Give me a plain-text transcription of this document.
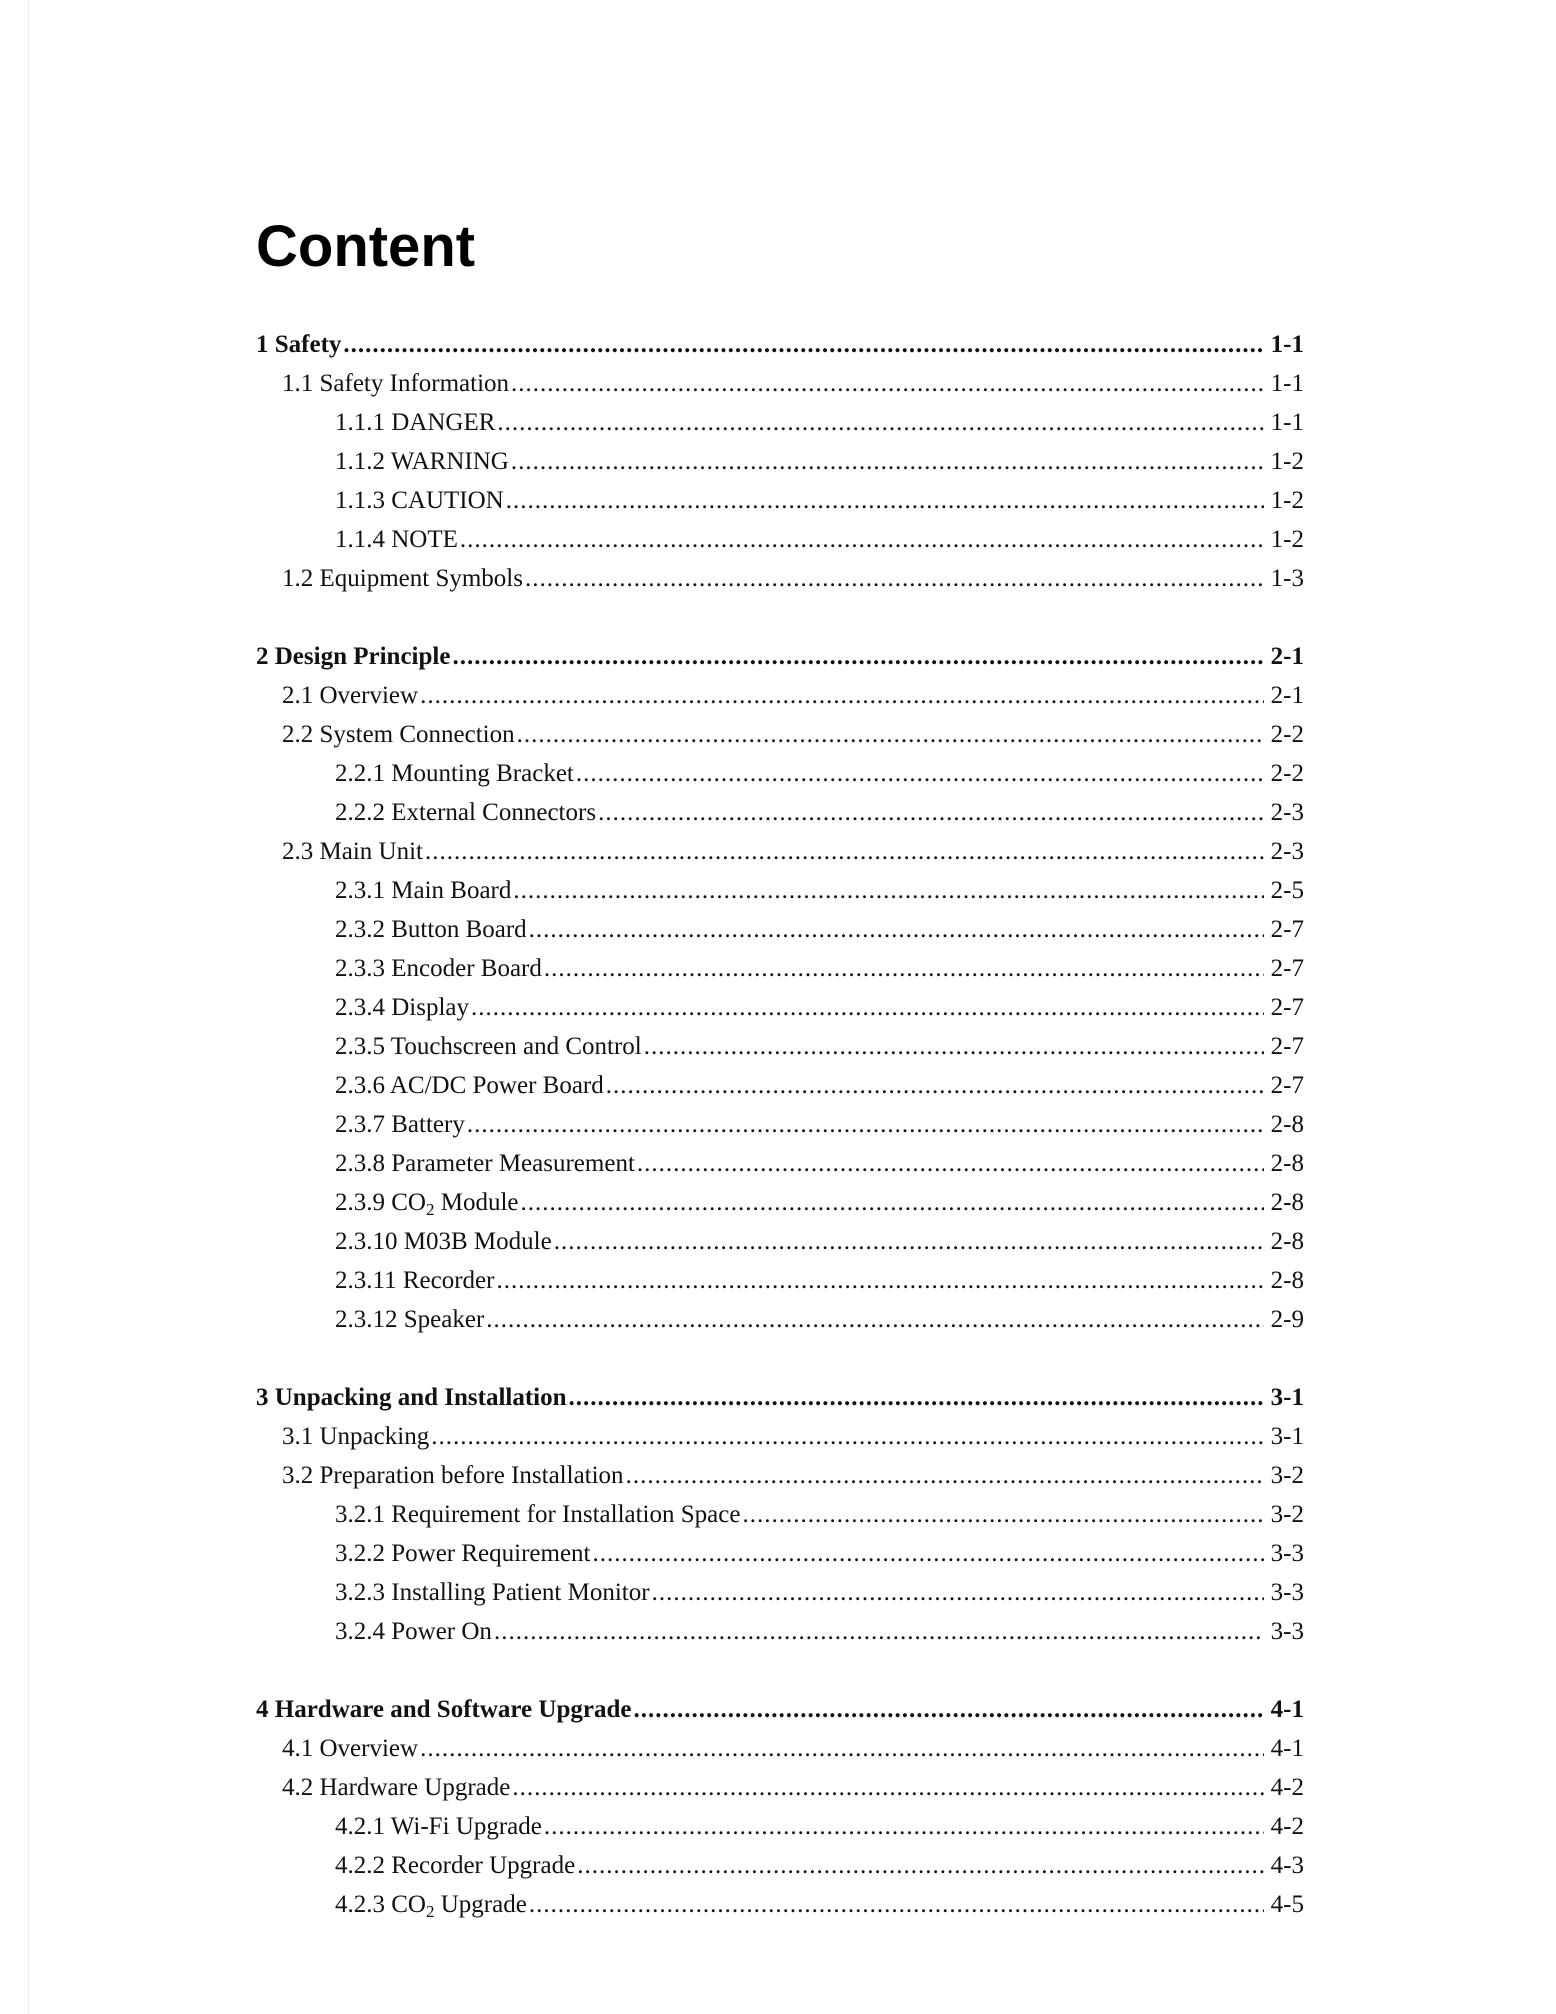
Content
1 Safety .....	1-1
1.1 Safety Information .....	1-1
1.1.1 DANGER .....	1-1
1.1.2 WARNING .....	1-2
1.1.3 CAUTION .....	1-2
1.1.4 NOTE .....	1-2
1.2 Equipment Symbols .....	1-3
2 Design Principle .....	2-1
2.1 Overview .....	2-1
2.2 System Connection .....	2-2
2.2.1 Mounting Bracket .....	2-2
2.2.2 External Connectors .....	2-3
2.3 Main Unit .....	2-3
2.3.1 Main Board .....	2-5
2.3.2 Button Board .....	2-7
2.3.3 Encoder Board .....	2-7
2.3.4 Display .....	2-7
2.3.5 Touchscreen and Control .....	2-7
2.3.6 AC/DC Power Board .....	2-7
2.3.7 Battery .....	2-8
2.3.8 Parameter Measurement .....	2-8
2.3.9 $CO_2$ Module .....	2-8
2.3.10 M03B Module .....	2-8
2.3.11 Recorder .....	2-8
2.3.12 Speaker .....	2-9
3 Unpacking and Installation .....	3-1
3.1 Unpacking .....	3-1
3.2 Preparation before Installation .....	3-2
3.2.1 Requirement for Installation Space .....	3-2
3.2.2 Power Requirement .....	3-3
3.2.3 Installing Patient Monitor .....	3-3
3.2.4 Power On .....	3-3
4 Hardware and Software Upgrade .....	4-1
4.1 Overview .....	4-1
4.2 Hardware Upgrade .....	4-2
4.2.1 Wi-Fi Upgrade .....	4-2
4.2.2 Recorder Upgrade .....	4-3
4.2.3 $CO_2$ Upgrade .....	4-5
